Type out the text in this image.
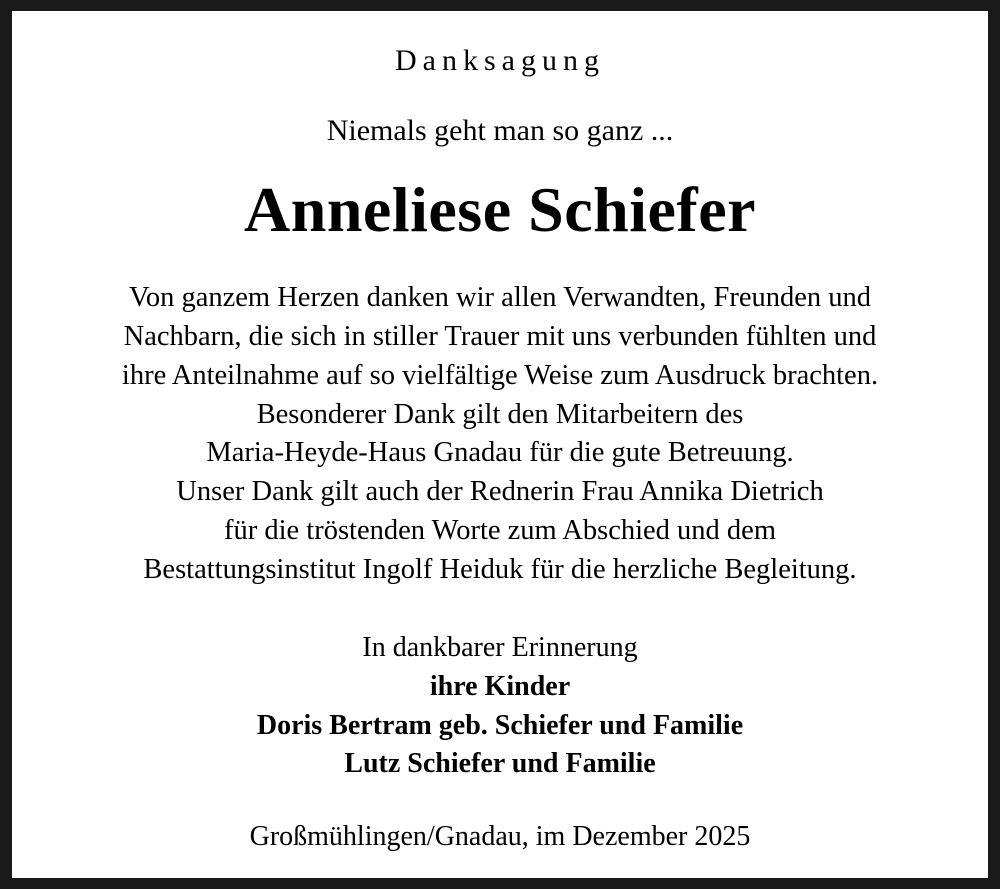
Danksagung
Niemals geht man so ganz ...
Anneliese Schiefer
Von ganzem Herzen danken wir allen Verwandten, Freunden und
Nachbarn, die sich in stiller Trauer mit uns verbunden fühlten und
ihre Anteilnahme auf so vielfältige Weise zum Ausdruck brachten.
Besonderer Dank gilt den Mitarbeitern des
Maria-Heyde-Haus Gnadau für die gute Betreuung.
Unser Dank gilt auch der Rednerin Frau Annika Dietrich
für die tröstenden Worte zum Abschied und dem
Bestattungsinstitut Ingolf Heiduk für die herzliche Begleitung.
In dankbarer Erinnerung
ihre Kinder
Doris Bertram geb. Schiefer und Familie
Lutz Schiefer und Familie
Großmühlingen/Gnadau, im Dezember 2025
